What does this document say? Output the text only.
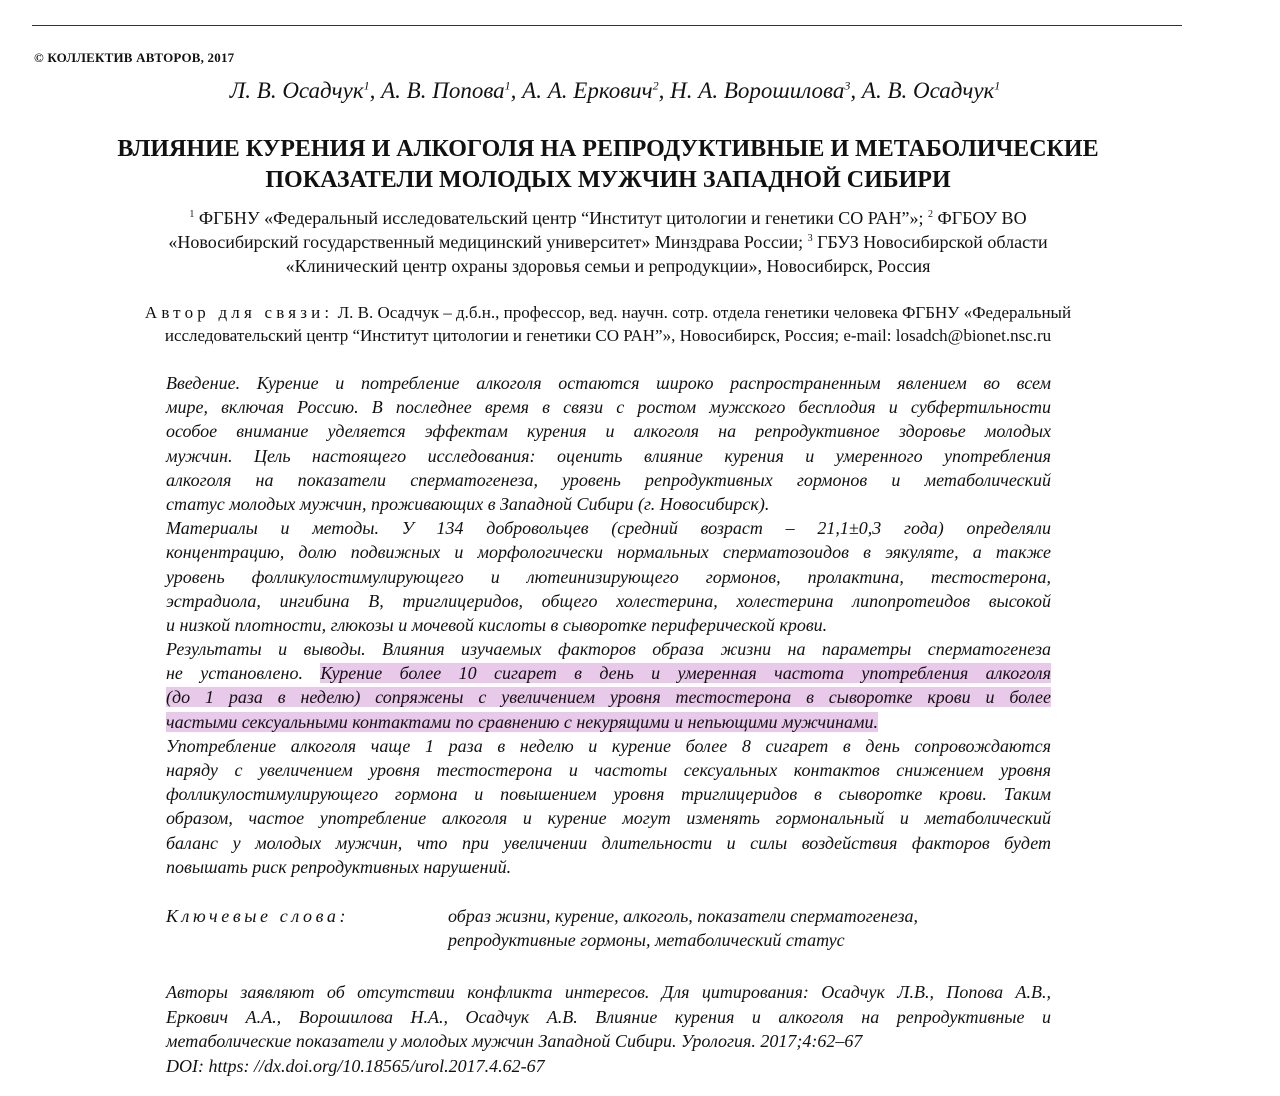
© КОЛЛЕКТИВ АВТОРОВ, 2017
Л. В. Осадчук$^1$, А. В. Попова$^1$, А. А. Еркович$^2$, Н. А. Ворошилова$^3$, А. В. Осадчук$^1$
ВЛИЯНИЕ КУРЕНИЯ И АЛКОГОЛЯ НА РЕПРОДУКТИВНЫЕ И МЕТАБОЛИЧЕСКИЕ
ПОКАЗАТЕЛИ МОЛОДЫХ МУЖЧИН ЗАПАДНОЙ СИБИРИ
$^1$ ФГБНУ «Федеральный исследовательский центр “Институт цитологии и генетики СО РАН”»; $^2$ ФГБОУ ВО
«Новосибирский государственный медицинский университет» Минздрава России; $^3$ ГБУЗ Новосибирской области
«Клинический центр охраны здоровья семьи и репродукции», Новосибирск, Россия
Автор для связи: Л. В. Осадчук – д.б.н., профессор, вед. научн. сотр. отдела генетики человека ФГБНУ «Федеральный
исследовательский центр “Институт цитологии и генетики СО РАН”», Новосибирск, Россия; e-mail: losadch@bionet.nsc.ru
Введение. Курение и потребление алкоголя остаются широко распространенным явлением во всем
мире, включая Россию. В последнее время в связи с ростом мужского бесплодия и субфертильности
особое внимание уделяется эффектам курения и алкоголя на репродуктивное здоровье молодых
мужчин. Цель настоящего исследования: оценить влияние курения и умеренного употребления
алкоголя на показатели сперматогенеза, уровень репродуктивных гормонов и метаболический
статус молодых мужчин, проживающих в Западной Сибири (г. Новосибирск).
Материалы и методы. У 134 добровольцев (средний возраст – 21,1±0,3 года) определяли
концентрацию, долю подвижных и морфологически нормальных сперматозоидов в эякуляте, а также
уровень фолликулостимулирующего и лютеинизирующего гормонов, пролактина, тестостерона,
эстрадиола, ингибина В, триглицеридов, общего холестерина, холестерина липопротеидов высокой
и низкой плотности, глюкозы и мочевой кислоты в сыворотке периферической крови.
Результаты и выводы. Влияния изучаемых факторов образа жизни на параметры сперматогенеза
не установлено. Курение более 10 сигарет в день и умеренная частота употребления алкоголя
(до 1 раза в неделю) сопряжены с увеличением уровня тестостерона в сыворотке крови и более
частыми сексуальными контактами по сравнению с некурящими и непьющими мужчинами.
Употребление алкоголя чаще 1 раза в неделю и курение более 8 сигарет в день сопровождаются
наряду с увеличением уровня тестостерона и частоты сексуальных контактов снижением уровня
фолликулостимулирующего гормона и повышением уровня триглицеридов в сыворотке крови. Таким
образом, частое употребление алкоголя и курение могут изменять гормональный и метаболический
баланс у молодых мужчин, что при увеличении длительности и силы воздействия факторов будет
повышать риск репродуктивных нарушений.
Ключевые слова:	образ жизни, курение, алкоголь, показатели сперматогенеза,
репродуктивные гормоны, метаболический статус
Авторы заявляют об отсутствии конфликта интересов. Для цитирования: Осадчук Л.В., Попова А.В.,
Еркович А.А., Ворошилова Н.А., Осадчук А.В. Влияние курения и алкоголя на репродуктивные и
метаболические показатели у молодых мужчин Западной Сибири. Урология. 2017;4:62–67
DOI: https: //dx.doi.org/10.18565/urol.2017.4.62-67
